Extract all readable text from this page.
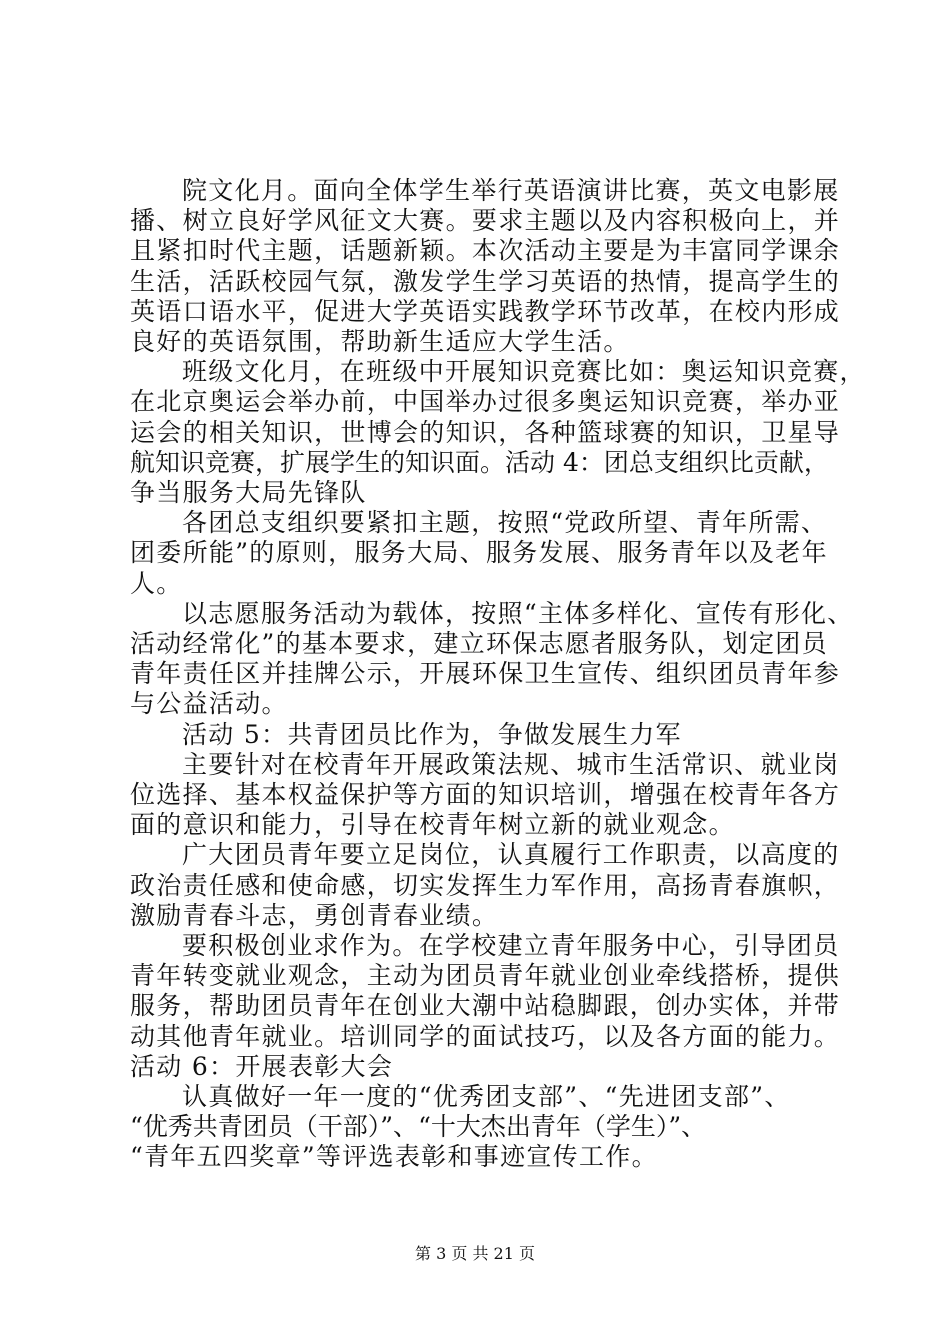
院文化月。面向全体学生举行英语演讲比赛，英文电影展
播、树立良好学风征文大赛。要求主题以及内容积极向上，并
且紧扣时代主题，话题新颖。本次活动主要是为丰富同学课余
生活，活跃校园气氛，激发学生学习英语的热情，提高学生的
英语口语水平，促进大学英语实践教学环节改革，在校内形成
良好的英语氛围，帮助新生适应大学生活。
班级文化月，在班级中开展知识竞赛比如：奥运知识竞赛，
在北京奥运会举办前，中国举办过很多奥运知识竞赛，举办亚
运会的相关知识，世博会的知识，各种篮球赛的知识，卫星导
航知识竞赛，扩展学生的知识面。活动 4：团总支组织比贡献，
争当服务大局先锋队
各团总支组织要紧扣主题，按照“党政所望、青年所需、
团委所能”的原则，服务大局、服务发展、服务青年以及老年
人。
以志愿服务活动为载体，按照“主体多样化、宣传有形化、
活动经常化”的基本要求，建立环保志愿者服务队，划定团员
青年责任区并挂牌公示，开展环保卫生宣传、组织团员青年参
与公益活动。
活动 5：共青团员比作为，争做发展生力军
主要针对在校青年开展政策法规、城市生活常识、就业岗
位选择、基本权益保护等方面的知识培训，增强在校青年各方
面的意识和能力，引导在校青年树立新的就业观念。
广大团员青年要立足岗位，认真履行工作职责，以高度的
政治责任感和使命感，切实发挥生力军作用，高扬青春旗帜，
激励青春斗志，勇创青春业绩。
要积极创业求作为。在学校建立青年服务中心，引导团员
青年转变就业观念，主动为团员青年就业创业牵线搭桥，提供
服务，帮助团员青年在创业大潮中站稳脚跟，创办实体，并带
动其他青年就业。培训同学的面试技巧，以及各方面的能力。
活动 6：开展表彰大会
认真做好一年一度的“优秀团支部”、“先进团支部”、
“优秀共青团员（干部）”、“十大杰出青年（学生）”、
“青年五四奖章”等评选表彰和事迹宣传工作。
第 3 页 共 21 页
